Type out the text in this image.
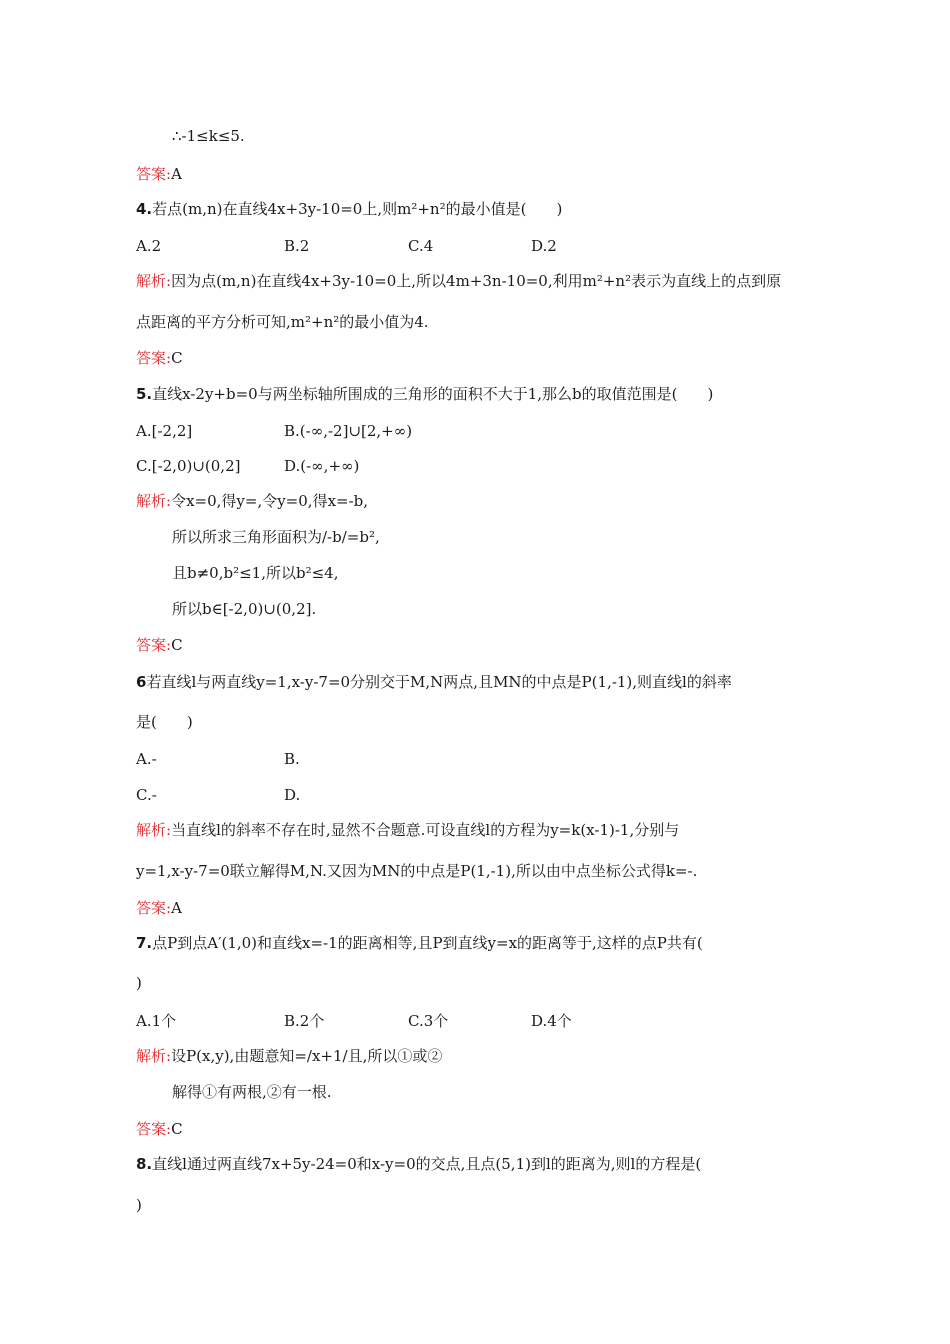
∴-1≤k≤5.
答案:A
4.若点(m,n)在直线4x+3y-10=0上,则m²+n²的最小值是(　　)
A.2	B.2	C.4	D.2
解析:因为点(m,n)在直线4x+3y-10=0上,所以4m+3n-10=0,利用m²+n²表示为直线上的点到原
点距离的平方分析可知,m²+n²的最小值为4.
答案:C
5.直线x-2y+b=0与两坐标轴所围成的三角形的面积不大于1,那么b的取值范围是(　　)
A.[-2,2]	B.(-∞,-2]∪[2,+∞)
C.[-2,0)∪(0,2]	D.(-∞,+∞)
解析:令x=0,得y=,令y=0,得x=-b,
所以所求三角形面积为/-b/=b²,
且b≠0,b²≤1,所以b²≤4,
所以b∈[-2,0)∪(0,2].
答案:C
6若直线l与两直线y=1,x-y-7=0分别交于M,N两点,且MN的中点是P(1,-1),则直线l的斜率
是(　　)
A.-	B.
C.-	D.
解析:当直线l的斜率不存在时,显然不合题意.可设直线l的方程为y=k(x-1)-1,分别与
y=1,x-y-7=0联立解得M,N.又因为MN的中点是P(1,-1),所以由中点坐标公式得k=-.
答案:A
7.点P到点A′(1,0)和直线x=-1的距离相等,且P到直线y=x的距离等于,这样的点P共有(
)
A.1个	B.2个	C.3个	D.4个
解析:设P(x,y),由题意知=/x+1/且,所以①或②
解得①有两根,②有一根.
答案:C
8.直线l通过两直线7x+5y-24=0和x-y=0的交点,且点(5,1)到l的距离为,则l的方程是(
)
